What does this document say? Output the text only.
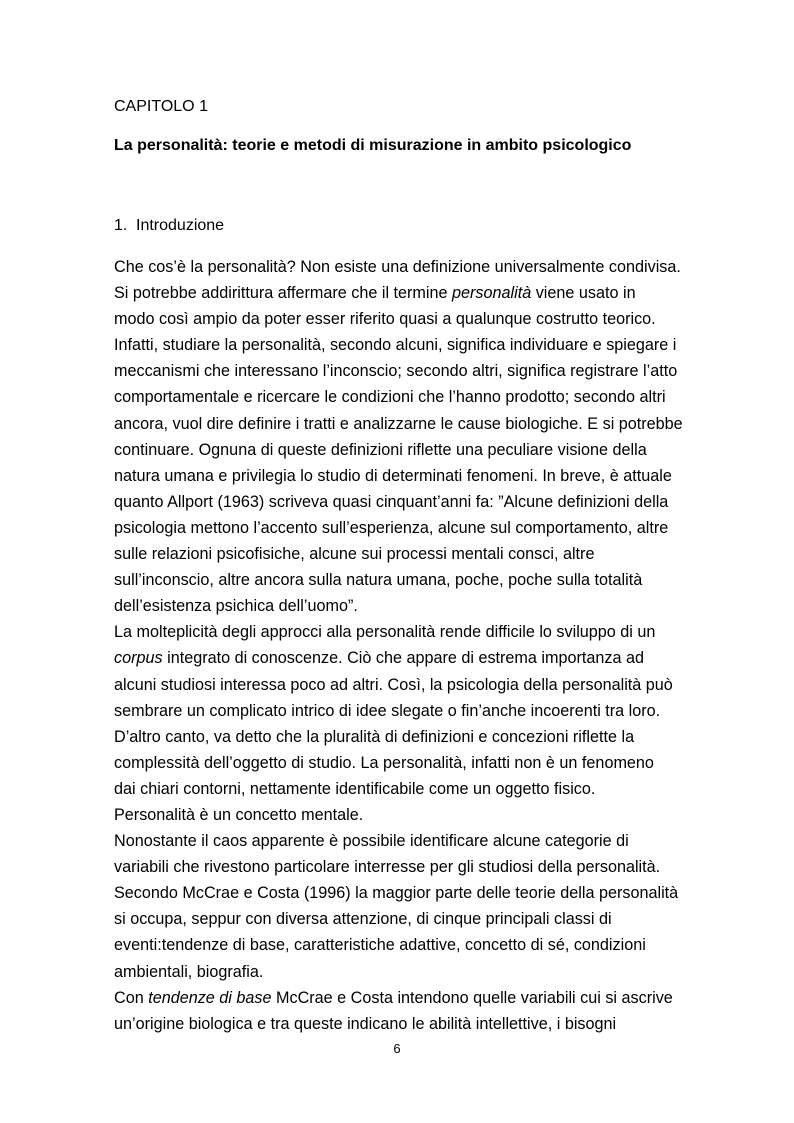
CAPITOLO 1
La personalità: teorie e metodi di misurazione in ambito psicologico
1. Introduzione
Che cos’è la personalità? Non esiste una definizione universalmente condivisa.
Si potrebbe addirittura affermare che il termine personalità viene usato in
modo così ampio da poter esser riferito quasi a qualunque costrutto teorico.
Infatti, studiare la personalità, secondo alcuni, significa individuare e spiegare i
meccanismi che interessano l’inconscio; secondo altri, significa registrare l’atto
comportamentale e ricercare le condizioni che l’hanno prodotto; secondo altri
ancora, vuol dire definire i tratti e analizzarne le cause biologiche. E si potrebbe
continuare. Ognuna di queste definizioni riflette una peculiare visione della
natura umana e privilegia lo studio di determinati fenomeni. In breve, è attuale
quanto Allport (1963) scriveva quasi cinquant’anni fa: ”Alcune definizioni della
psicologia mettono l’accento sull’esperienza, alcune sul comportamento, altre
sulle relazioni psicofisiche, alcune sui processi mentali consci, altre
sull’inconscio, altre ancora sulla natura umana, poche, poche sulla totalità
dell’esistenza psichica dell’uomo”.
La molteplicità degli approcci alla personalità rende difficile lo sviluppo di un
corpus integrato di conoscenze. Ciò che appare di estrema importanza ad
alcuni studiosi interessa poco ad altri. Così, la psicologia della personalità può
sembrare un complicato intrico di idee slegate o fin’anche incoerenti tra loro.
D’altro canto, va detto che la pluralità di definizioni e concezioni riflette la
complessità dell’oggetto di studio. La personalità, infatti non è un fenomeno
dai chiari contorni, nettamente identificabile come un oggetto fisico.
Personalità è un concetto mentale.
Nonostante il caos apparente è possibile identificare alcune categorie di
variabili che rivestono particolare interresse per gli studiosi della personalità.
Secondo McCrae e Costa (1996) la maggior parte delle teorie della personalità
si occupa, seppur con diversa attenzione, di cinque principali classi di
eventi:tendenze di base, caratteristiche adattive, concetto di sé, condizioni
ambientali, biografia.
Con tendenze di base McCrae e Costa intendono quelle variabili cui si ascrive
un’origine biologica e tra queste indicano le abilità intellettive, i bisogni
6
